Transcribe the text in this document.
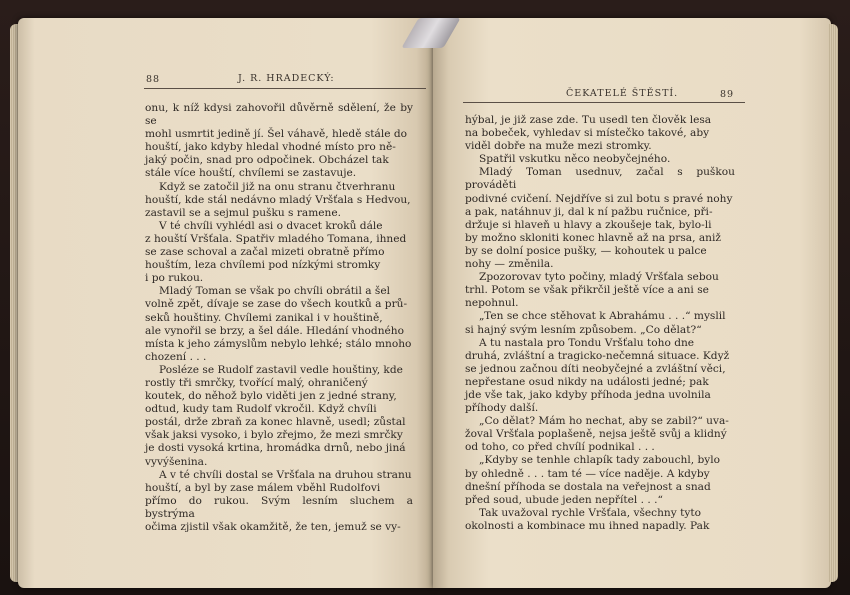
88	J. R. HRADECKÝ:

onu, k níž kdysi zahovořil důvěrně sdělení, že by se

mohl usmrtit jedině jí. Šel váhavě, hledě stále do

houští, jako kdyby hledal vhodné místo pro ně-

jaký počin, snad pro odpočinek. Obcházel tak

stále více houští, chvílemi se zastavuje.

Když se zatočil již na onu stranu čtverhranu

houští, kde stál nedávno mladý Vršťala s Hedvou,

zastavil se a sejmul pušku s ramene.

V té chvíli vyhlédl asi o dvacet kroků dále

z houští Vršťala. Spatřiv mladého Tomana, ihned

se zase schoval a začal mizeti obratně přímo

houštím, leza chvílemi pod nízkými stromky

i po rukou.

Mladý Toman se však po chvíli obrátil a šel

volně zpět, dívaje se zase do všech koutků a prů-

seků houštiny. Chvílemi zanikal i v houštině,

ale vynořil se brzy, a šel dále. Hledání vhodného

místa k jeho zámyslům nebylo lehké; stálo mnoho

chození . . .

Posléze se Rudolf zastavil vedle houštiny, kde

rostly tři smrčky, tvořící malý, ohraničený

koutek, do něhož bylo viděti jen z jedné strany,

odtud, kudy tam Rudolf vkročil. Když chvíli

postál, drže zbraň za konec hlavně, usedl; zůstal

však jaksi vysoko, i bylo zřejmo, že mezi smrčky

je dosti vysoká krtina, hromádka drnů, nebo jiná

vyvýšenina.

A v té chvíli dostal se Vršťala na druhou stranu

houští, a byl by zase málem vběhl Rudolfovi

přímo do rukou. Svým lesním sluchem a bystrýma

očima zjistil však okamžitě, že ten, jemuž se vy-

ČEKATELÉ ŠTĚSTÍ.	89

hýbal, je již zase zde. Tu usedl ten člověk lesa

na bobeček, vyhledav si místečko takové, aby

viděl dobře na muže mezi stromky.

Spatřil vskutku něco neobyčejného.

Mladý Toman usednuv, začal s puškou prováděti

podivné cvičení. Nejdříve si zul botu s pravé nohy

a pak, natáhnuv ji, dal k ní pažbu ručnice, při-

držuje si hlaveň u hlavy a zkoušeje tak, bylo-li

by možno skloniti konec hlavně až na prsa, aniž

by se dolní posice pušky, — kohoutek u palce

nohy — změnila.

Zpozorovav tyto počiny, mladý Vršťala sebou

trhl. Potom se však přikrčil ještě více a ani se

nepohnul.

„Ten se chce stěhovat k Abrahámu . . .“ myslil

si hajný svým lesním způsobem. „Co dělat?“

A tu nastala pro Tondu Vršťalu toho dne

druhá, zvláštní a tragicko-nečemná situace. Když

se jednou začnou díti neobyčejné a zvláštní věci,

nepřestane osud nikdy na události jedné; pak

jde vše tak, jako kdyby příhoda jedna uvolnila

příhody další.

„Co dělat? Mám ho nechat, aby se zabil?“ uva-

žoval Vršťala poplašeně, nejsa ještě svůj a klidný

od toho, co před chvílí podnikal . . .

„Kdyby se tenhle chlapík tady zabouchl, bylo

by ohledně . . . tam té — více naděje. A kdyby

dnešní příhoda se dostala na veřejnost a snad

před soud, ubude jeden nepřítel . . .“

Tak uvažoval rychle Vršťala, všechny tyto

okolnosti a kombinace mu ihned napadly. Pak
